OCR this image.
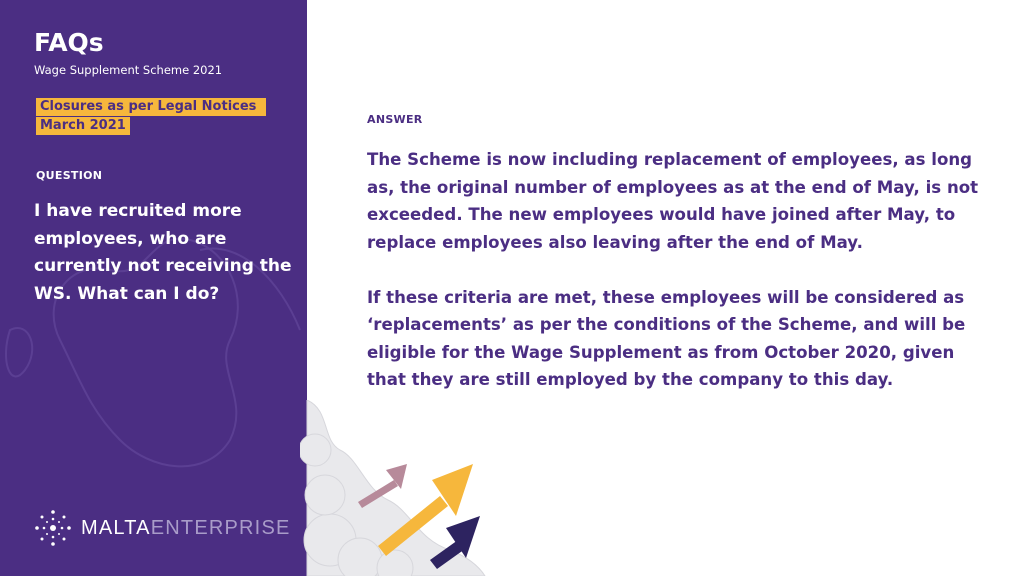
FAQs
Wage Supplement Scheme 2021
Closures as per Legal Notices
March 2021
QUESTION
I have recruited more employees, who are currently not receiving the WS. What can I do?
MALTAENTERPRISE
ANSWER

The Scheme is now including replacement of employees, as long as, the original number of employees as at the end of May, is not exceeded. The new employees would have joined after May, to replace employees also leaving after the end of May.

If these criteria are met, these employees will be considered as ‘replacements’ as per the conditions of the Scheme, and will be eligible for the Wage Supplement as from October 2020, given that they are still employed by the company to this day.
